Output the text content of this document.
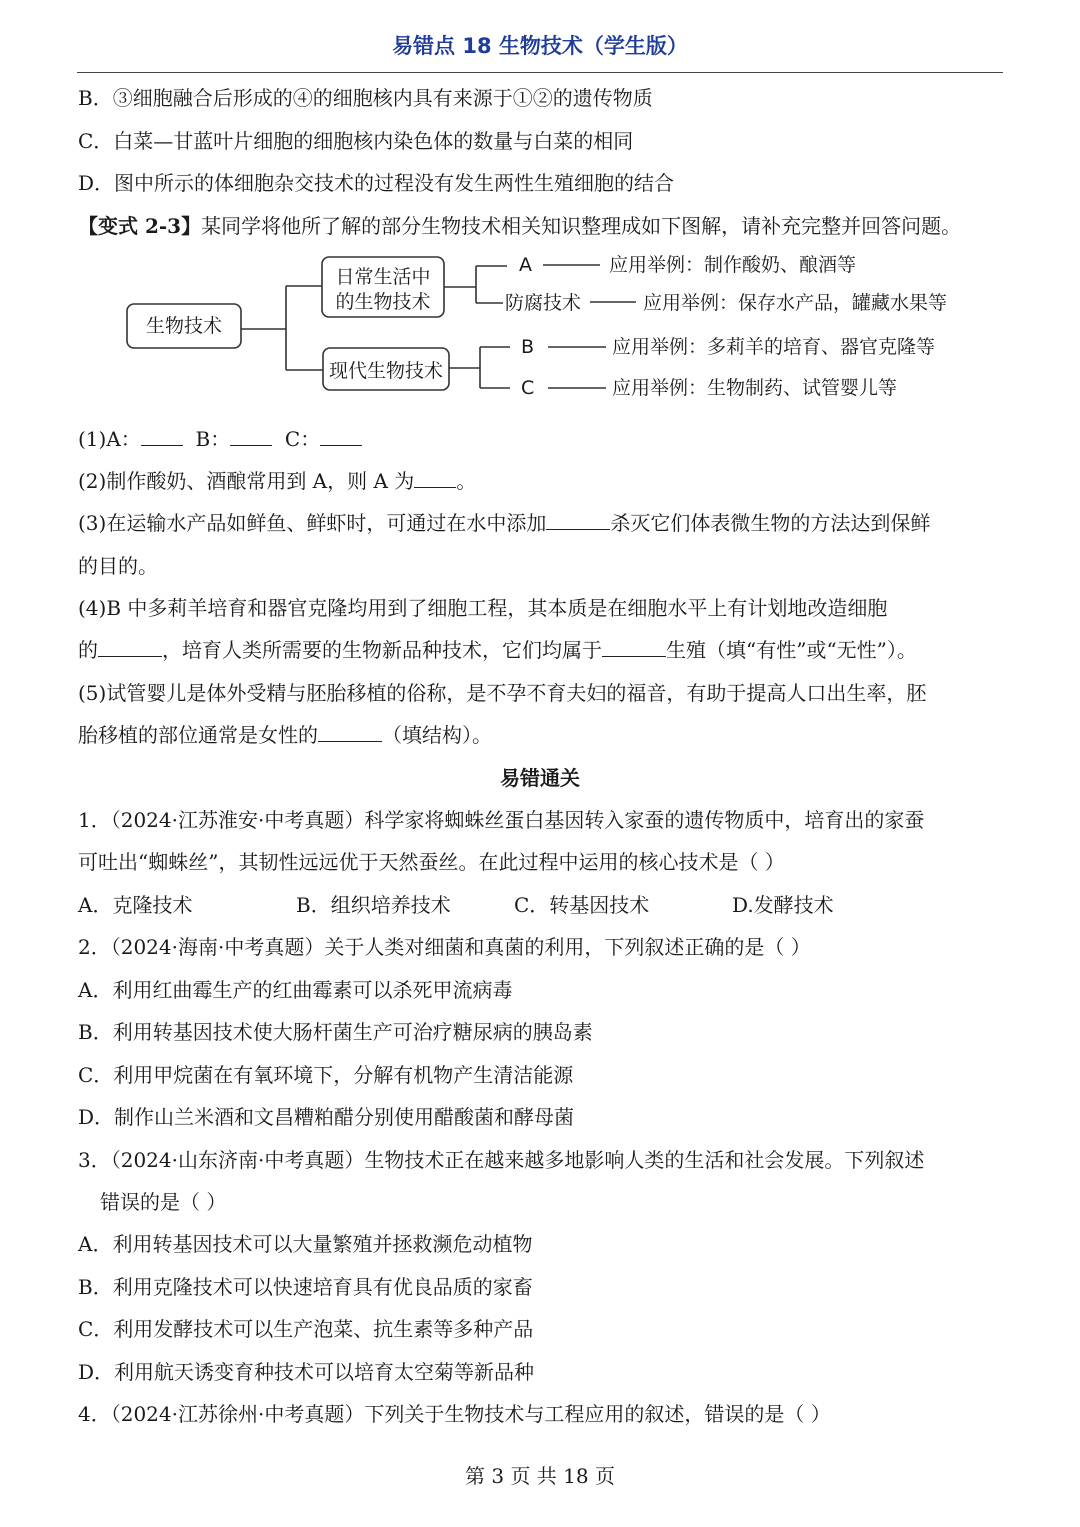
易错点 18 生物技术（学生版）
B．③细胞融合后形成的④的细胞核内具有来源于①②的遗传物质
C．白菜—甘蓝叶片细胞的细胞核内染色体的数量与白菜的相同
D．图中所示的体细胞杂交技术的过程没有发生两性生殖细胞的结合
【变式 2-3】某同学将他所了解的部分生物技术相关知识整理成如下图解，请补充完整并回答问题。
生物技术
日常生活中
的生物技术
现代生物技术
A	应用举例：制作酸奶、酿酒等
防腐技术	应用举例：保存水产品，罐藏水果等
B	应用举例：多莉羊的培育、器官克隆等
C	应用举例：生物制药、试管婴儿等
(1)A：	B：	C：
(2)制作酸奶、酒酿常用到 A，则 A 为 。
(3)在运输水产品如鲜鱼、鲜虾时，可通过在水中添加	杀灭它们体表微生物的方法达到保鲜
的目的。
(4)B 中多莉羊培育和器官克隆均用到了细胞工程，其本质是在细胞水平上有计划地改造细胞
的	，培育人类所需要的生物新品种技术，它们均属于	生殖（填“有性”或“无性”）。
(5)试管婴儿是体外受精与胚胎移植的俗称，是不孕不育夫妇的福音，有助于提高人口出生率，胚
胎移植的部位通常是女性的	（填结构）。
易错通关
1．（2024·江苏淮安·中考真题）科学家将蜘蛛丝蛋白基因转入家蚕的遗传物质中，培育出的家蚕
可吐出“蜘蛛丝”，其韧性远远优于天然蚕丝。在此过程中运用的核心技术是（ ）
A．克隆技术	B．组织培养技术	C．转基因技术	D.发酵技术
2．（2024·海南·中考真题）关于人类对细菌和真菌的利用，下列叙述正确的是（ ）
A．利用红曲霉生产的红曲霉素可以杀死甲流病毒
B．利用转基因技术使大肠杆菌生产可治疗糖尿病的胰岛素
C．利用甲烷菌在有氧环境下，分解有机物产生清洁能源
D．制作山兰米酒和文昌糟粕醋分别使用醋酸菌和酵母菌
3．（2024·山东济南·中考真题）生物技术正在越来越多地影响人类的生活和社会发展。下列叙述
错误的是（ ）
A．利用转基因技术可以大量繁殖并拯救濒危动植物
B．利用克隆技术可以快速培育具有优良品质的家畜
C．利用发酵技术可以生产泡菜、抗生素等多种产品
D．利用航天诱变育种技术可以培育太空菊等新品种
4．（2024·江苏徐州·中考真题）下列关于生物技术与工程应用的叙述，错误的是（ ）
第 3 页 共 18 页
